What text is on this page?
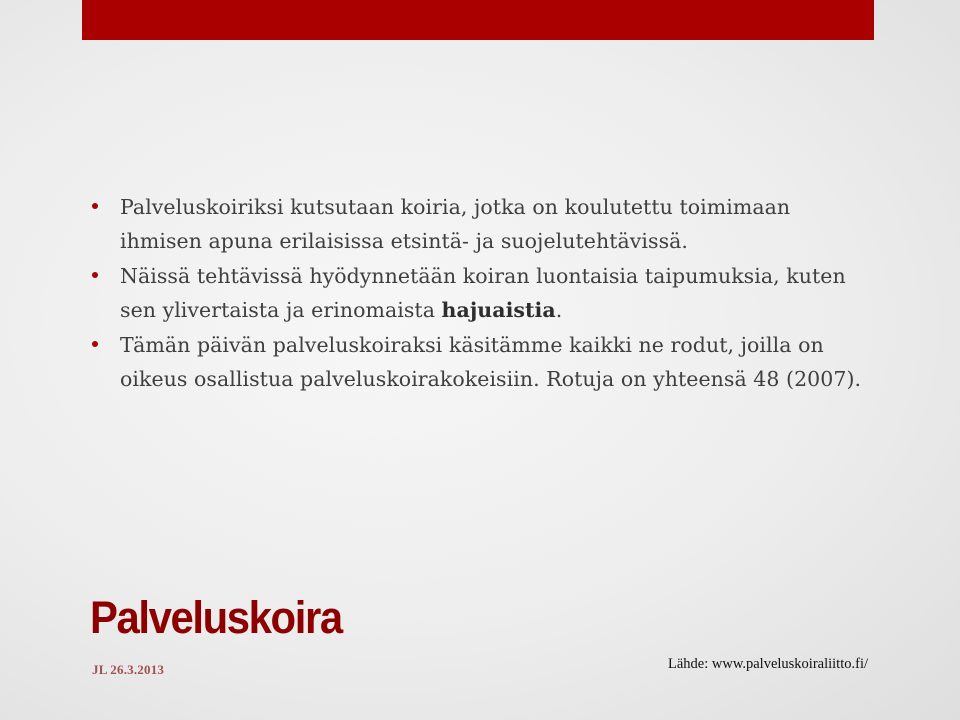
Palveluskoiriksi kutsutaan koiria, jotka on koulutettu toimimaan ihmisen apuna erilaisissa etsintä- ja suojelutehtävissä.
Näissä tehtävissä hyödynnetään koiran luontaisia taipumuksia, kuten sen ylivertaista ja erinomaista hajuaistia.
Tämän päivän palveluskoiraksi käsitämme kaikki ne rodut, joilla on oikeus osallistua palveluskoirakokeisiin. Rotuja on yhteensä 48 (2007).
Palveluskoira
JL 26.3.2013	Lähde: www.palveluskoiraliitto.fi/
